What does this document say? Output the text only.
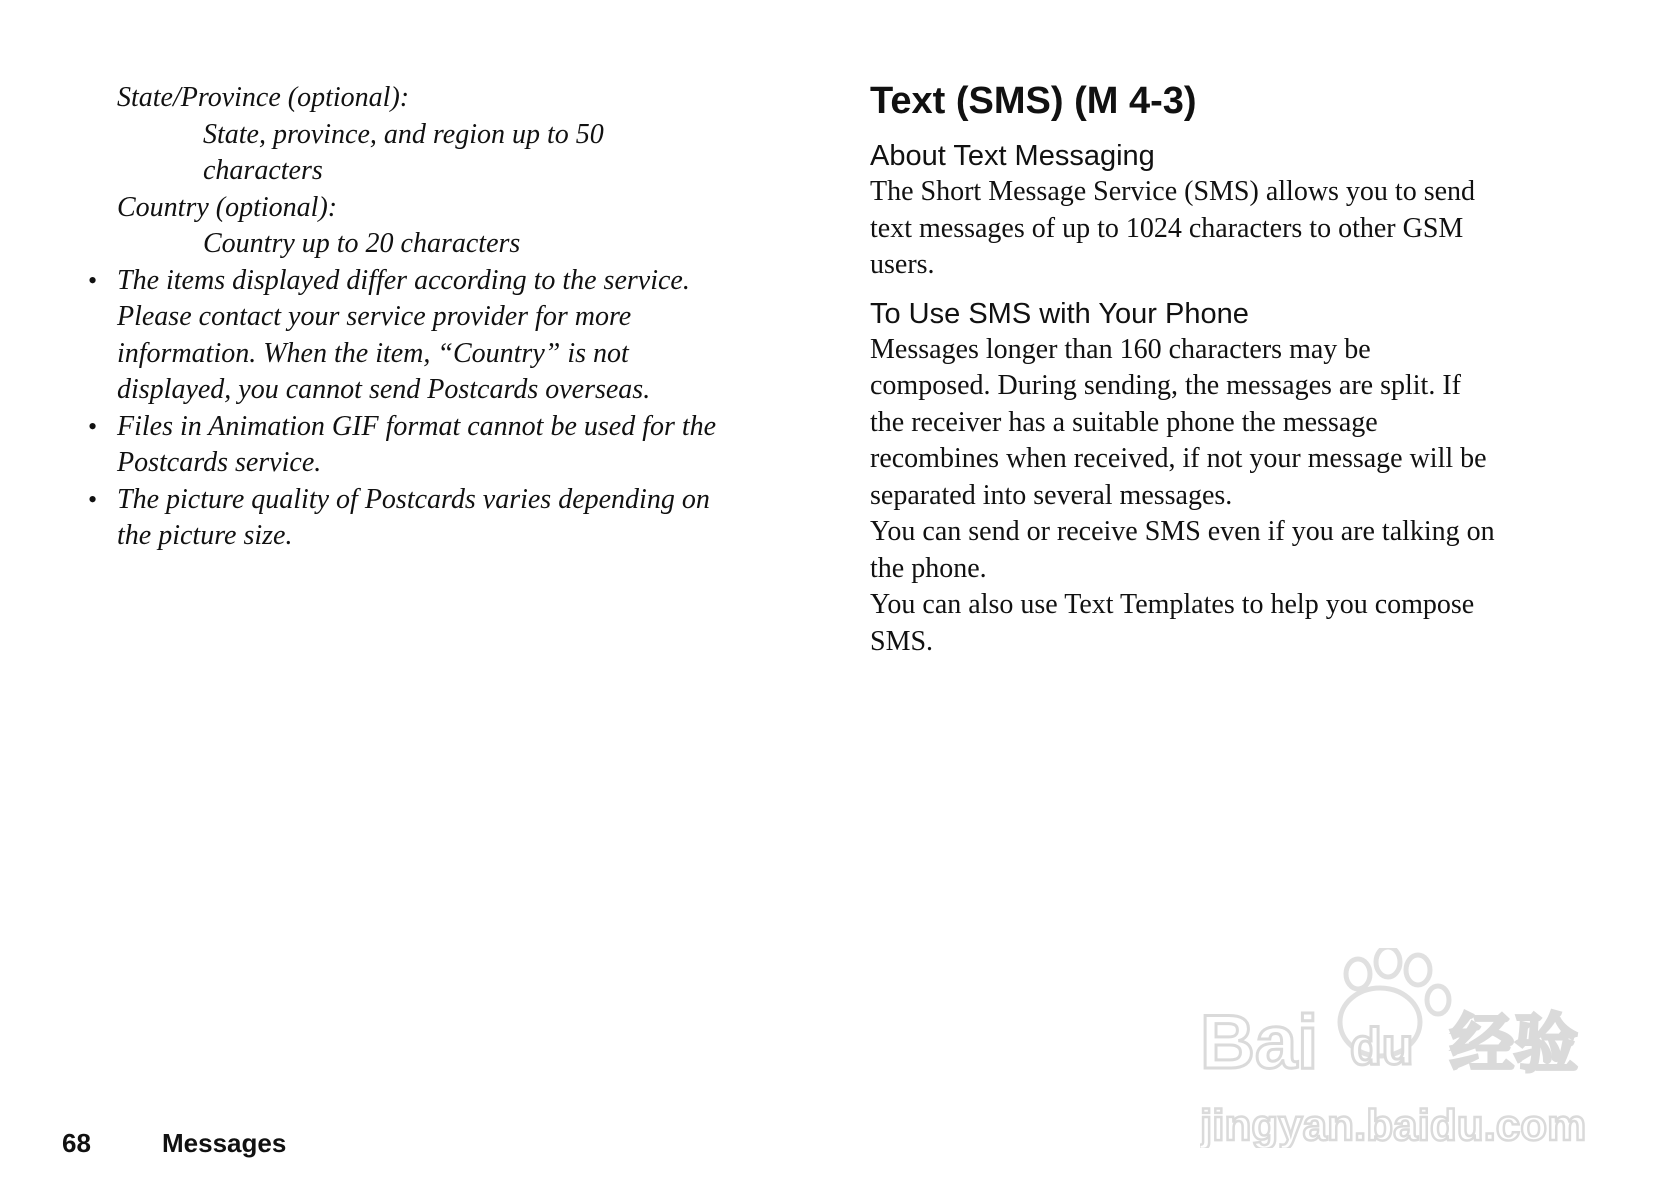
State/Province (optional):
State, province, and region up to 50
characters
Country (optional):
Country up to 20 characters
• The items displayed differ according to the service.
Please contact your service provider for more
information. When the item, “Country” is not
displayed, you cannot send Postcards overseas.
• Files in Animation GIF format cannot be used for the
Postcards service.
• The picture quality of Postcards varies depending on
the picture size.
Text (SMS) (M 4-3)
About Text Messaging

The Short Message Service (SMS) allows you to send
text messages of up to 1024 characters to other GSM
users.

To Use SMS with Your Phone

Messages longer than 160 characters may be
composed. During sending, the messages are split. If
the receiver has a suitable phone the message
recombines when received, if not your message will be
separated into several messages.

You can send or receive SMS even if you are talking on
the phone.

You can also use Text Templates to help you compose
SMS.

68	Messages
Bai du 经验
jingyan.baidu.com
